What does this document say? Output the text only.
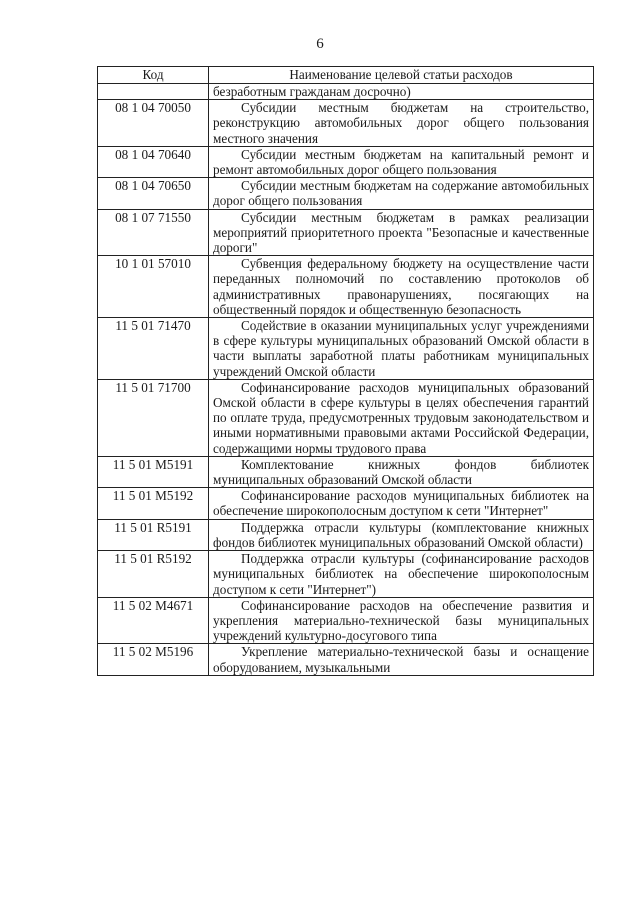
6
Код	Наименование целевой статьи расходов

	безработным гражданам досрочно)

08 1 04 70050	Субсидии местным бюджетам на строительство, реконструкцию автомобильных дорог общего пользования местного значения

08 1 04 70640	Субсидии местным бюджетам на капитальный ремонт и ремонт автомобильных дорог общего пользования

08 1 04 70650	Субсидии местным бюджетам на содержание автомобильных дорог общего пользования

08 1 07 71550	Субсидии местным бюджетам в рамках реализации мероприятий приоритетного проекта "Безопасные и качественные дороги"

10 1 01 57010	Субвенция федеральному бюджету на осуществление части переданных полномочий по составлению протоколов об административных правонарушениях, посягающих на общественный порядок и общественную безопасность

11 5 01 71470	Содействие в оказании муниципальных услуг учреждениями в сфере культуры муниципальных образований Омской области в части выплаты заработной платы работникам муниципальных учреждений Омской области

11 5 01 71700	Софинансирование расходов муниципальных образований Омской области в сфере культуры в целях обеспечения гарантий по оплате труда, предусмотренных трудовым законодательством и иными нормативными правовыми актами Российской Федерации, содержащими нормы трудового права

11 5 01 M5191	Комплектование книжных фондов библиотек муниципальных образований Омской области

11 5 01 M5192	Софинансирование расходов муниципальных библиотек на обеспечение широкополосным доступом к сети "Интернет"

11 5 01 R5191	Поддержка отрасли культуры (комплектование книжных фондов библиотек муниципальных образований Омской области)

11 5 01 R5192	Поддержка отрасли культуры (софинансирование расходов муниципальных библиотек на обеспечение широкополосным доступом к сети "Интернет")

11 5 02 M4671	Софинансирование расходов на обеспечение развития и укрепления материально-технической базы муниципальных учреждений культурно-досугового типа

11 5 02 M5196	Укрепление материально-технической базы и оснащение оборудованием, музыкальными
